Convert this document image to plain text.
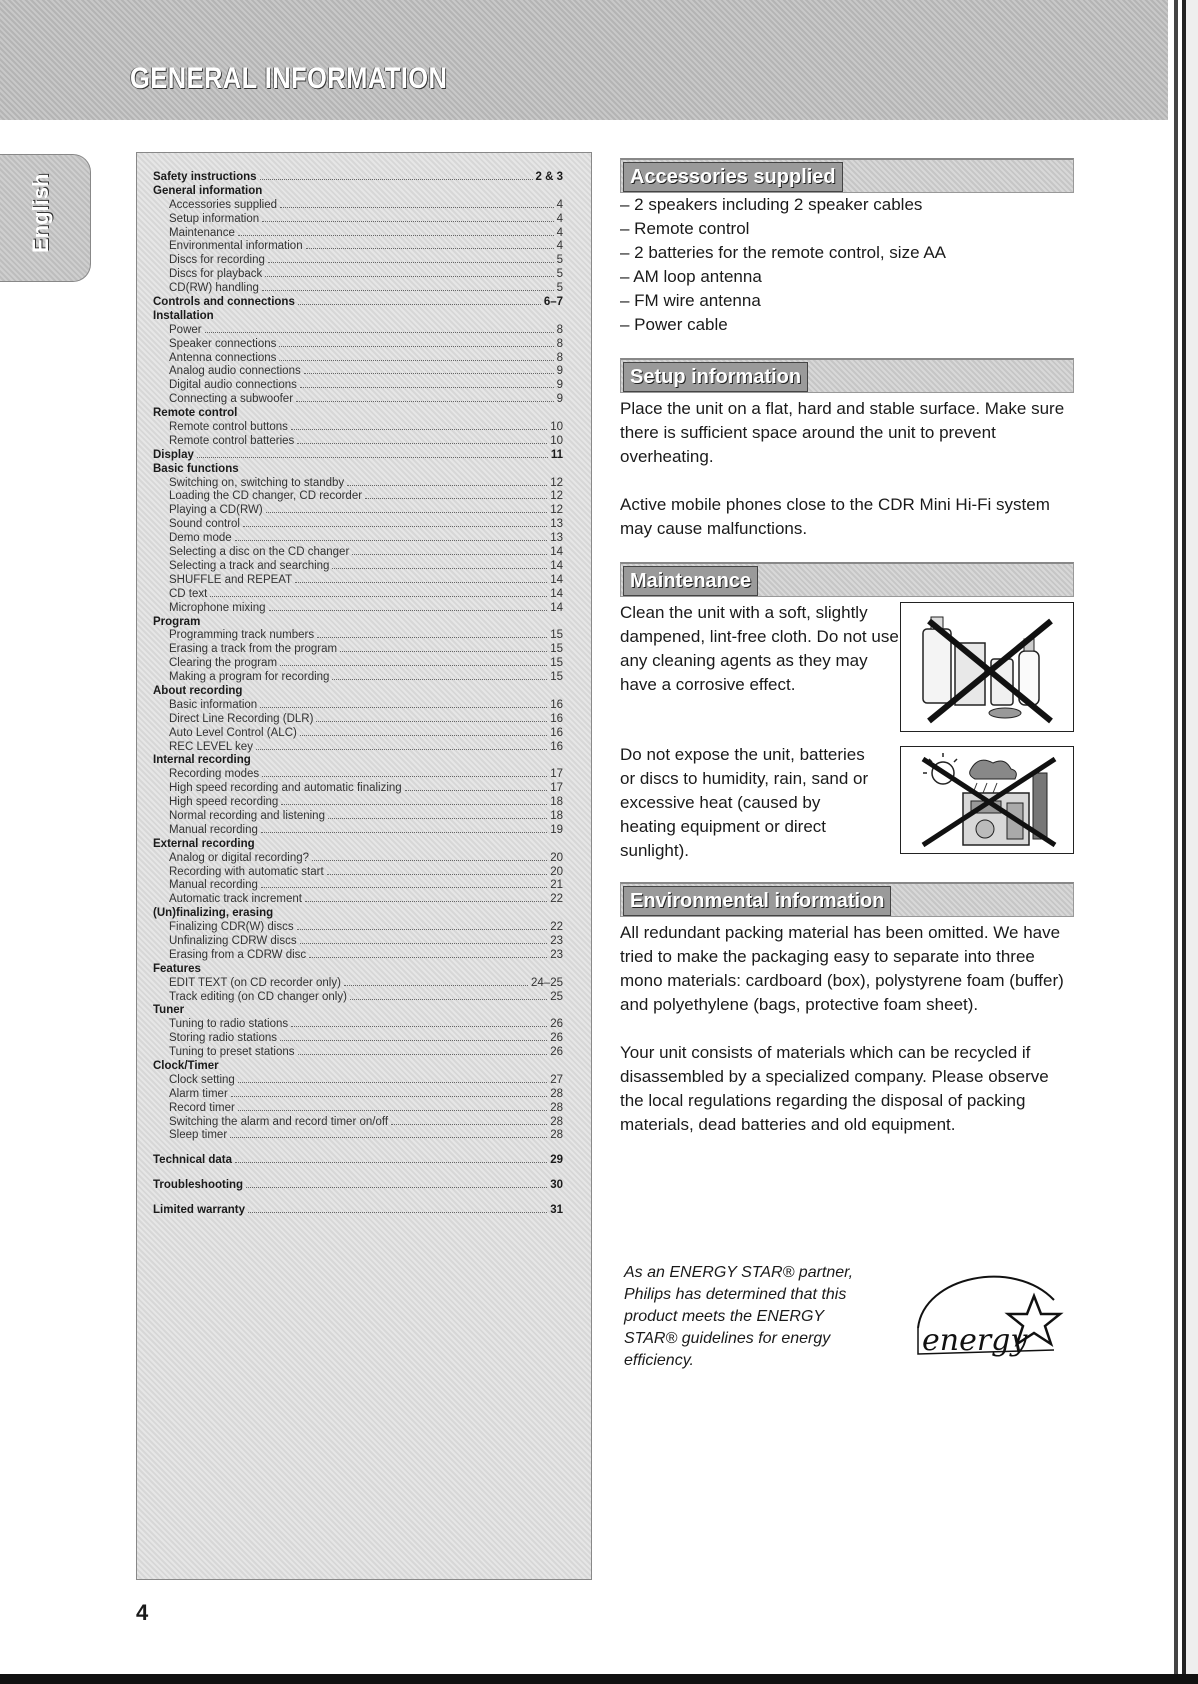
GENERAL INFORMATION
English	Safety instructions	2 & 3
General information
Accessories supplied	4
Setup information	4
Maintenance	4
Environmental information	4
Discs for recording	5
Discs for playback	5
CD(RW) handling	5
Controls and connections	6–7
Installation
Power	8
Speaker connections	8
Antenna connections	8
Analog audio connections	9
Digital audio connections	9
Connecting a subwoofer	9
Remote control
Remote control buttons	10
Remote control batteries	10
Display	11
Basic functions
Switching on, switching to standby	12
Loading the CD changer, CD recorder	12
Playing a CD(RW)	12
Sound control	13
Demo mode	13
Selecting a disc on the CD changer	14
Selecting a track and searching	14
SHUFFLE and REPEAT	14
CD text	14
Microphone mixing	14
Program
Programming track numbers	15
Erasing a track from the program	15
Clearing the program	15
Making a program for recording	15
About recording
Basic information	16
Direct Line Recording (DLR)	16
Auto Level Control (ALC)	16
REC LEVEL key	16
Internal recording
Recording modes	17
High speed recording and automatic finalizing	17
High speed recording	18
Normal recording and listening	18
Manual recording	19
External recording
Analog or digital recording?	20
Recording with automatic start	20
Manual recording	21
Automatic track increment	22
(Un)finalizing, erasing
Finalizing CDR(W) discs	22
Unfinalizing CDRW discs	23
Erasing from a CDRW disc	23
Features
EDIT TEXT (on CD recorder only)	24–25
Track editing (on CD changer only)	25
Tuner
Tuning to radio stations	26
Storing radio stations	26
Tuning to preset stations	26
Clock/Timer
Clock setting	27
Alarm timer	28
Record timer	28
Switching the alarm and record timer on/off	28
Sleep timer	28
Technical data	29
Troubleshooting	30
Limited warranty	31
Accessories supplied
– 2 speakers including 2 speaker cables
– Remote control
– 2 batteries for the remote control, size AA
– AM loop antenna
– FM wire antenna
– Power cable
Setup information

Place the unit on a flat, hard and stable surface. Make sure there is sufficient space around the unit to prevent overheating.

Active mobile phones close to the CDR Mini Hi-Fi system may cause malfunctions.

Maintenance

Clean the unit with a soft, slightly dampened, lint-free cloth. Do not use any cleaning agents as they may have a corrosive effect.

Do not expose the unit, batteries or discs to humidity, rain, sand or excessive heat (caused by heating equipment or direct sunlight).

Environmental information

All redundant packing material has been omitted. We have tried to make the packaging easy to separate into three mono materials: cardboard (box), polystyrene foam (buffer) and polyethylene (bags, protective foam sheet).

Your unit consists of materials which can be recycled if disassembled by a specialized company. Please observe the local regulations regarding the disposal of packing materials, dead batteries and old equipment.

As an ENERGY STAR® partner, Philips has determined that this product meets the ENERGY STAR® guidelines for energy efficiency.

energy

4
